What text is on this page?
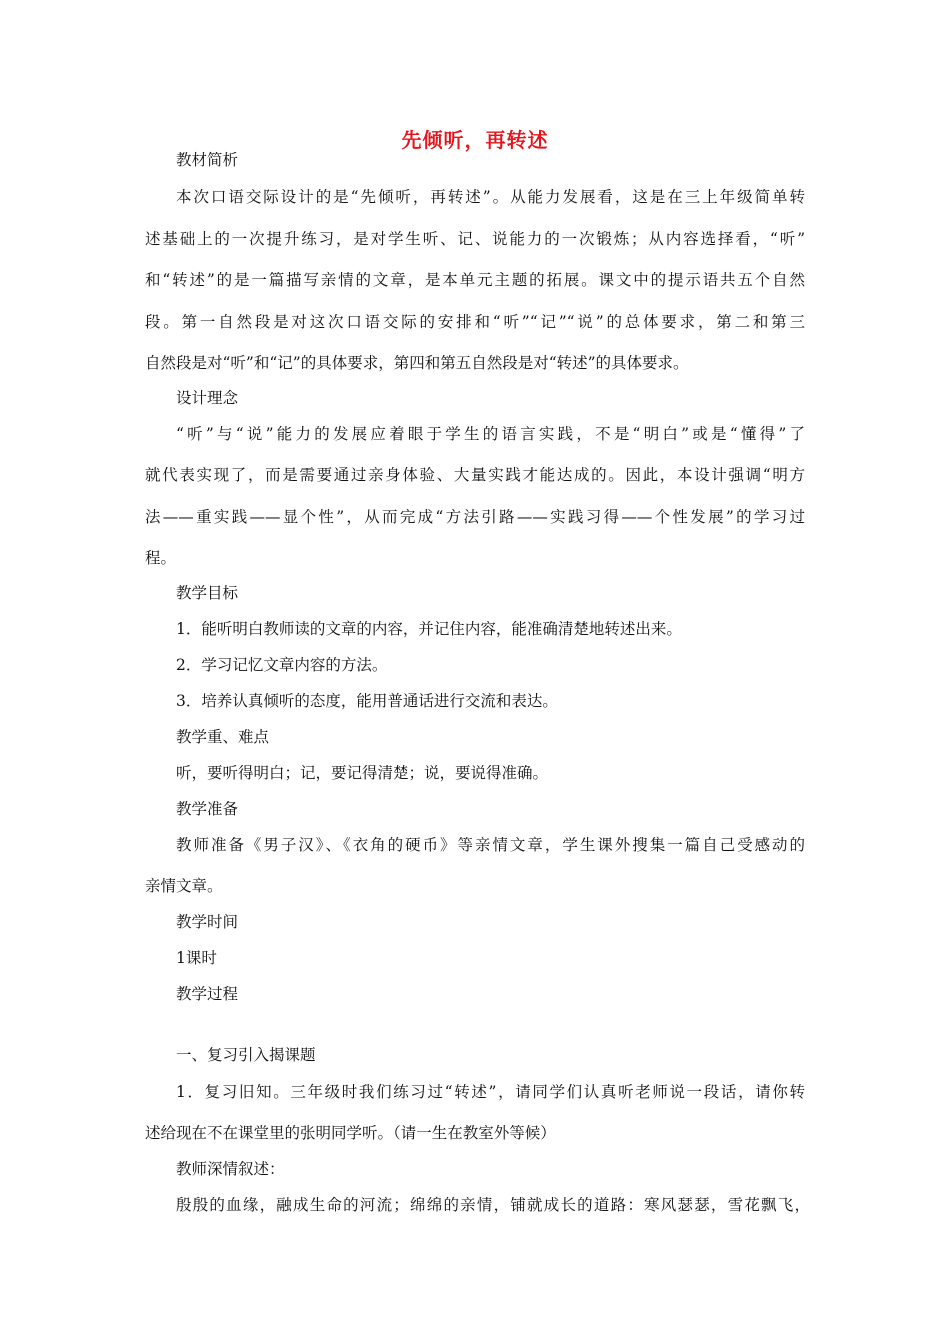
先倾听，再转述
教材简析
本次口语交际设计的是“先倾听，再转述”。从能力发展看，这是在三上年级简单转
述基础上的一次提升练习，是对学生听、记、说能力的一次锻炼；从内容选择看，“听”
和“转述”的是一篇描写亲情的文章，是本单元主题的拓展。课文中的提示语共五个自然
段。第一自然段是对这次口语交际的安排和“听”“记”“说”的总体要求，第二和第三
自然段是对“听”和“记”的具体要求，第四和第五自然段是对“转述”的具体要求。
设计理念
“听”与“说”能力的发展应着眼于学生的语言实践，不是“明白”或是“懂得”了
就代表实现了，而是需要通过亲身体验、大量实践才能达成的。因此，本设计强调“明方
法——重实践——显个性”，从而完成“方法引路——实践习得——个性发展”的学习过
程。
教学目标
1．能听明白教师读的文章的内容，并记住内容，能准确清楚地转述出来。
2．学习记忆文章内容的方法。
3．培养认真倾听的态度，能用普通话进行交流和表达。
教学重、难点
听，要听得明白；记，要记得清楚；说，要说得准确。
教学准备
教师准备《男子汉》、《衣角的硬币》等亲情文章，学生课外搜集一篇自己受感动的
亲情文章。
教学时间
1课时
教学过程
一、复习引入揭课题
1．复习旧知。三年级时我们练习过“转述”，请同学们认真听老师说一段话，请你转
述给现在不在课堂里的张明同学听。（请一生在教室外等候）
教师深情叙述：
殷殷的血缘，融成生命的河流；绵绵的亲情，铺就成长的道路：寒风瑟瑟，雪花飘飞，
